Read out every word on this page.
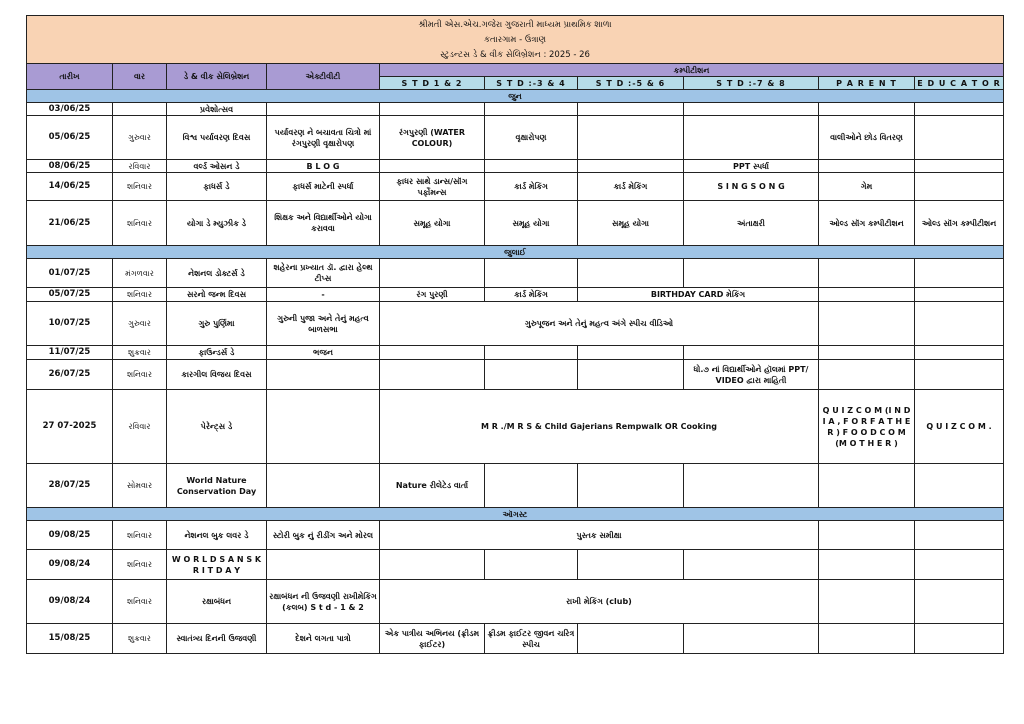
શ્રીમતી એસ.એચ.ગજેરા ગુજરાતી માધ્યમ પ્રાથમિક શાળા									
કતારગામ - ઉત્રાણ									
સ્ટુડન્ટસ ડે & વીક સેલિબ્રેશન : 2025 - 26									
તારીખ	વાર	ડે & વીક સેલિબ્રેશન	એક્ટીવીટી	કમ્પીટીશન					
				S T D 1 & 2	S T D :-3 & 4	S T D :-5 & 6	S T D :-7 & 8	P A R E N T	E D U C A T O R
જુન									
03/06/25		પ્રવેશોત્સવ							
05/06/25	ગુરુવાર	વિશ્વ પર્યાવરણ દિવસ	પર્યાવરણ ને બચાવતા ચિત્રો માં રંગપુરણી વૃક્ષારોપણ	રંગપુરણી (WATER COLOUR)	વૃક્ષારોપણ			વાલીઓને છોડ વિતરણ	
08/06/25	રવિવાર	વર્લ્ડ ઓસન ડે	B L O G				PPT સ્પર્ધા		
14/06/25	શનિવાર	ફાધર્સ ડે	ફાધર્સ માટેની સ્પર્ધા	ફાધર સાથે ડાન્સ/સૉંગ પર્ફોમન્સ	કાર્ડ મેકિંગ	કાર્ડ મેકિંગ	S I N G S O N G	ગેમ	
21/06/25	શનિવાર	યોગા ડે મ્યુઝીક ડે	શિક્ષક અને વિદ્યાર્થીઓને યોગા કરાવવા	સમૂહ યોગા	સમૂહ યોગા	સમૂહ યોગા	અંતાક્ષરી	ઓલ્ડ સૉંગ કમ્પીટીશન	ઓલ્ડ સૉંગ કમ્પીટીશન
જુલાઈ									
01/07/25	મંગળવાર	નેશનલ ડોક્ટર્સ ડે	શહેરના પ્રખ્યાત ડૉ. દ્વારા હેલ્થ ટીપ્સ						
05/07/25	શનિવાર	સરનો જન્મ દિવસ	-	રંગ પુરણી	કાર્ડ મેકિંગ	BIRTHDAY CARD મેકિંગ			
10/07/25	ગુરુવાર	ગુરુ પુર્ણિમા	ગુરુની પુજા અને તેનું મહત્વ બાળસભા	ગુરુપૂજન અને તેનું મહત્વ અંગે સ્પીચ વીડિઓ					
11/07/25	શુક્રવાર	ફાઉન્ડર્સ ડે	ભજન						
26/07/25	શનિવાર	કારગીલ વિજય દિવસ					ધો.૭ નાં વિદ્યાર્થીઓને હૉલમાં PPT/ VIDEO દ્વારા માહિતી		
27 07-2025	રવિવાર	પેરેન્ટ્સ ડે		M R ./M R S & Child Gajerians Rempwalk OR Cooking				Q U I Z C O M (I N D I A , F O R F A T H E R ) F O O D C O M (M O T H E R )	Q U I Z C O M .
28/07/25	સોમવાર	World Nature Conservation Day		Nature રીલેટેડ વાર્તા					
ઑગસ્ટ									
09/08/25	શનિવાર	નેશનલ બુક લવર ડે	સ્ટોરી બુક નું રીડીંગ અને મોરલ	પુસ્તક સમીક્ષા					
09/08/24	શનિવાર	W O R L D S A N S K R I T D A Y							
09/08/24	શનિવાર	રક્ષાબંધન	રક્ષાબંધન ની ઉજવણી રાખીમેકિંગ (કલબ) S t d - 1 & 2	રાખી મેકિંગ (club)					
15/08/25	શુક્રવાર	સ્વાતંત્ર્ય દિનની ઉજવણી	દેશને લગતા પાત્રો	એક પાત્રીય અભિનય (ફ્રીડમ ફાઈટર)	ફ્રીડમ ફાઈટર જીવન ચરિત્ર સ્પીચ				
